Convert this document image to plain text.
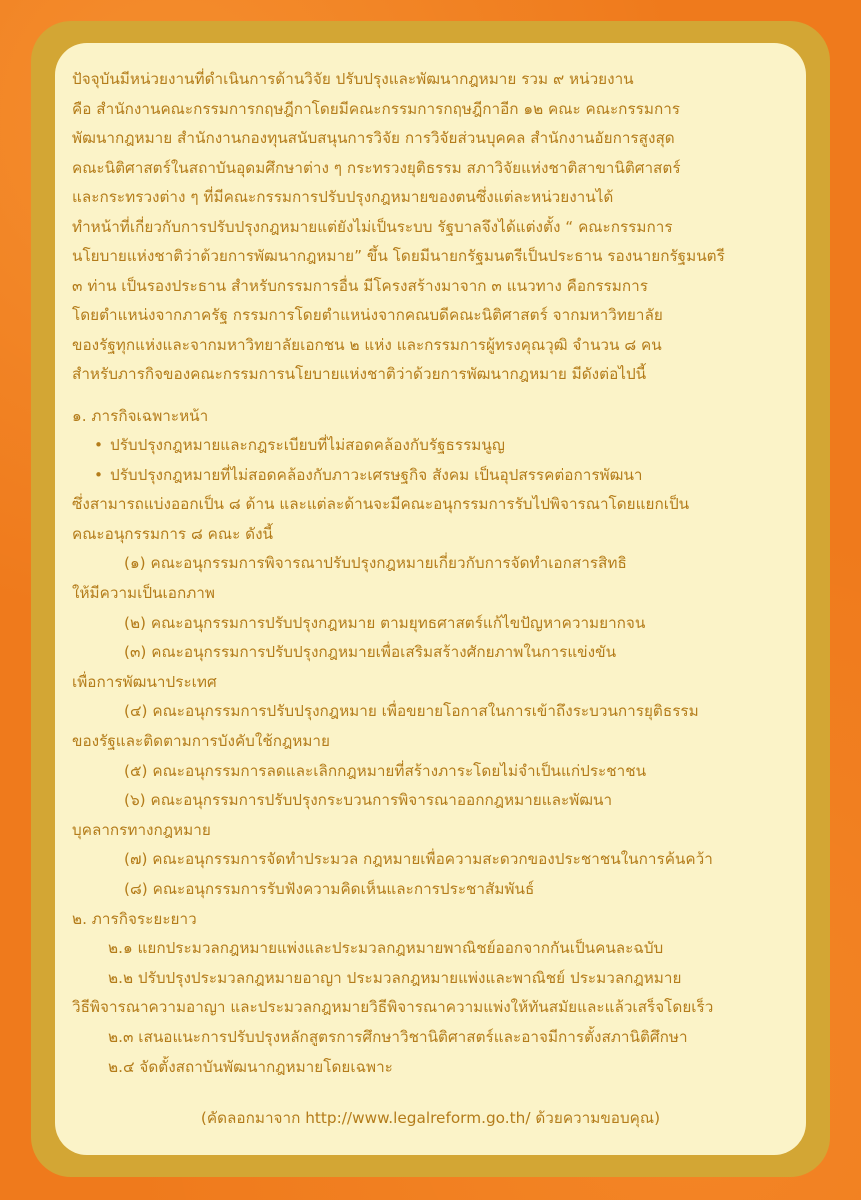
ปัจจุบันมีหน่วยงานที่ดำเนินการด้านวิจัย ปรับปรุงและพัฒนากฎหมาย รวม ๙ หน่วยงาน
คือ สำนักงานคณะกรรมการกฤษฎีกาโดยมีคณะกรรมการกฤษฎีกาอีก ๑๒ คณะ คณะกรรมการ
พัฒนากฎหมาย สำนักงานกองทุนสนับสนุนการวิจัย การวิจัยส่วนบุคคล สำนักงานอัยการสูงสุด
คณะนิติศาสตร์ในสถาบันอุดมศึกษาต่าง ๆ กระทรวงยุติธรรม สภาวิจัยแห่งชาติสาขานิติศาสตร์
และกระทรวงต่าง ๆ ที่มีคณะกรรมการปรับปรุงกฎหมายของตนซึ่งแต่ละหน่วยงานได้
ทำหน้าที่เกี่ยวกับการปรับปรุงกฎหมายแต่ยังไม่เป็นระบบ รัฐบาลจึงได้แต่งตั้ง “ คณะกรรมการ
นโยบายแห่งชาติว่าด้วยการพัฒนากฎหมาย” ขึ้น โดยมีนายกรัฐมนตรีเป็นประธาน รองนายกรัฐมนตรี
๓ ท่าน เป็นรองประธาน สำหรับกรรมการอื่น มีโครงสร้างมาจาก ๓ แนวทาง คือกรรมการ
โดยตำแหน่งจากภาครัฐ กรรมการโดยตำแหน่งจากคณบดีคณะนิติศาสตร์ จากมหาวิทยาลัย
ของรัฐทุกแห่งและจากมหาวิทยาลัยเอกชน ๒ แห่ง และกรรมการผู้ทรงคุณวุฒิ จำนวน ๘ คน
สำหรับภารกิจของคณะกรรมการนโยบายแห่งชาติว่าด้วยการพัฒนากฎหมาย มีดังต่อไปนี้
๑. ภารกิจเฉพาะหน้า
• ปรับปรุงกฎหมายและกฎระเบียบที่ไม่สอดคล้องกับรัฐธรรมนูญ
• ปรับปรุงกฎหมายที่ไม่สอดคล้องกับภาวะเศรษฐกิจ สังคม เป็นอุปสรรคต่อการพัฒนา
ซึ่งสามารถแบ่งออกเป็น ๘ ด้าน และแต่ละด้านจะมีคณะอนุกรรมการรับไปพิจารณาโดยแยกเป็น
คณะอนุกรรมการ ๘ คณะ ดังนี้
(๑) คณะอนุกรรมการพิจารณาปรับปรุงกฎหมายเกี่ยวกับการจัดทำเอกสารสิทธิ
ให้มีความเป็นเอกภาพ
(๒) คณะอนุกรรมการปรับปรุงกฎหมาย ตามยุทธศาสตร์แก้ไขปัญหาความยากจน
(๓) คณะอนุกรรมการปรับปรุงกฎหมายเพื่อเสริมสร้างศักยภาพในการแข่งขัน
เพื่อการพัฒนาประเทศ
(๔) คณะอนุกรรมการปรับปรุงกฎหมาย เพื่อขยายโอกาสในการเข้าถึงระบวนการยุติธรรม
ของรัฐและติดตามการบังคับใช้กฎหมาย
(๕) คณะอนุกรรมการลดและเลิกกฎหมายที่สร้างภาระโดยไม่จำเป็นแก่ประชาชน
(๖) คณะอนุกรรมการปรับปรุงกระบวนการพิจารณาออกกฎหมายและพัฒนา
บุคลากรทางกฎหมาย
(๗) คณะอนุกรรมการจัดทำประมวล กฎหมายเพื่อความสะดวกของประชาชนในการค้นคว้า
(๘) คณะอนุกรรมการรับฟังความคิดเห็นและการประชาสัมพันธ์
๒. ภารกิจระยะยาว
๒.๑ แยกประมวลกฎหมายแพ่งและประมวลกฎหมายพาณิชย์ออกจากกันเป็นคนละฉบับ
๒.๒ ปรับปรุงประมวลกฎหมายอาญา ประมวลกฎหมายแพ่งและพาณิชย์ ประมวลกฎหมาย
วิธีพิจารณาความอาญา และประมวลกฎหมายวิธีพิจารณาความแพ่งให้ทันสมัยและแล้วเสร็จโดยเร็ว
๒.๓ เสนอแนะการปรับปรุงหลักสูตรการศึกษาวิชานิติศาสตร์และอาจมีการตั้งสภานิติศึกษา
๒.๔ จัดตั้งสถาบันพัฒนากฎหมายโดยเฉพาะ
(คัดลอกมาจาก http://www.legalreform.go.th/ ด้วยความขอบคุณ)
